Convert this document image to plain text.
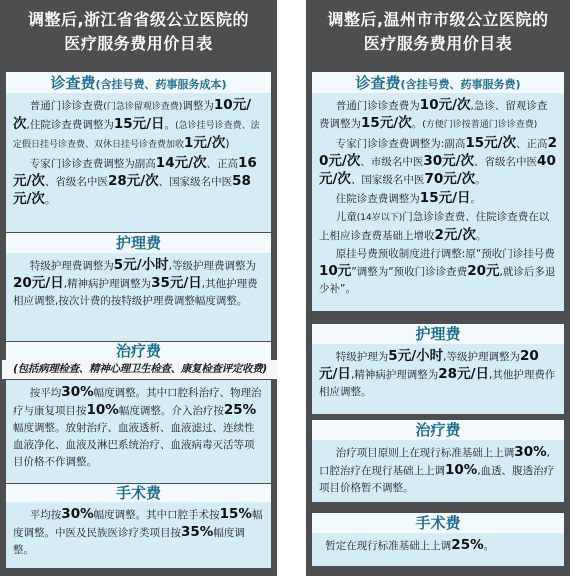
调整后,浙江省省级公立医院的
医疗服务费用价目表
诊查费(含挂号费、药事服务成本)

普通门诊诊查费(门急诊留观诊查费)调整为10元/次,住院诊查费调整为15元/日。(急诊挂号诊查费、法定假日挂号诊查费、双休日挂号诊查费加收1元/次)

专家门诊诊查费调整为副高14元/次、正高16元/次、省级名中医28元/次、国家级名中医58元/次。

护理费

特级护理费调整为5元/小时,等级护理费调整为20元/日,精神病护理调整为35元/日,其他护理费相应调整,按次计费的按特级护理费调整幅度调整。

治疗费

按平均30%幅度调整。其中口腔科治疗、物理治疗与康复项目按10%幅度调整。介入治疗按25%幅度调整。放射治疗、血液透析、血液滤过、连续性血液净化、血液及淋巴系统治疗、血液病毒灭活等项目价格不作调整。

手术费

平均按30%幅度调整。其中口腔手术按15%幅度调整。中医及民族医诊疗类项目按35%幅度调整。

(包括病理检查、精神心理卫生检查、康复检查评定收费)
调整后,温州市市级公立医院的
医疗服务费用价目表
诊查费(含挂号费、药事服务费)

普通门诊诊查费为10元/次,急诊、留观诊查费调整为15元/次。(方便门诊按普通门诊诊查费)

专家门诊诊查费调整为:副高15元/次、正高20元/次、市级名中医30元/次、省级名中医40元/次、国家级名中医70元/次。

住院诊查费调整为15元/日。

儿童(14岁以下)门急诊诊查费、住院诊查费在以上相应诊查费基础上增收2元/次。

原挂号费预收制度进行调整:原“预收门诊挂号费10元”调整为“预收门诊诊查费20元,就诊后多退少补”。

护理费

特级护理为5元/小时,等级护理调整为20元/日,精神病护理调整为28元/日,其他护理费作相应调整。

治疗费

治疗项目原则上在现行标准基础上上调30%,口腔治疗在现行基础上上调10%,血透、腹透治疗项目价格暂不调整。

手术费

暂定在现行标准基础上上调25%。
